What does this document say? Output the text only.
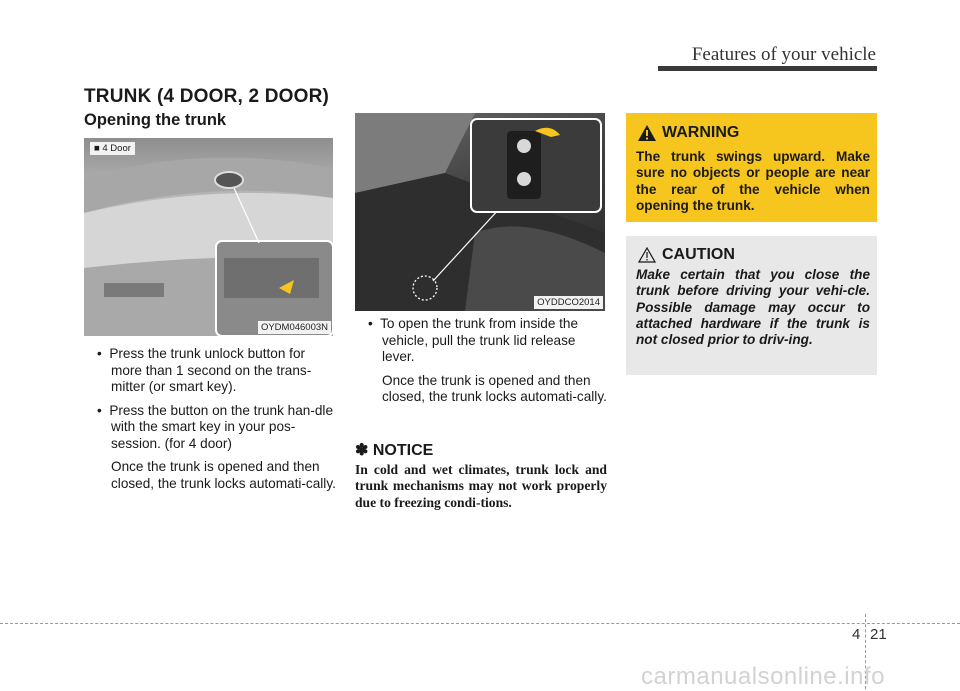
Features of your vehicle
TRUNK (4 DOOR, 2 DOOR)
Opening the trunk
■ 4 Door
OYDM046003N
OYDDCO2014

•  Press the trunk unlock button for more than 1 second on the trans-mitter (or smart key).

•  Press the button on the trunk han-dle with the smart key in your pos-session. (for 4 door)

Once the trunk is opened and then closed, the trunk locks automati-cally.

•  To open the trunk from inside the vehicle, pull the trunk lid release lever.

Once the trunk is opened and then closed, the trunk locks automati-cally.

✽ NOTICE
In cold and wet climates, trunk lock and trunk mechanisms may not work properly due to freezing condi-tions.
WARNING
The trunk swings upward. Make sure no objects or people are near the rear of the vehicle when opening the trunk.
CAUTION
Make certain that you close the trunk before driving your vehi-cle. Possible damage may occur to attached hardware if the trunk is not closed prior to driv-ing.
4 21
carmanualsonline.info
